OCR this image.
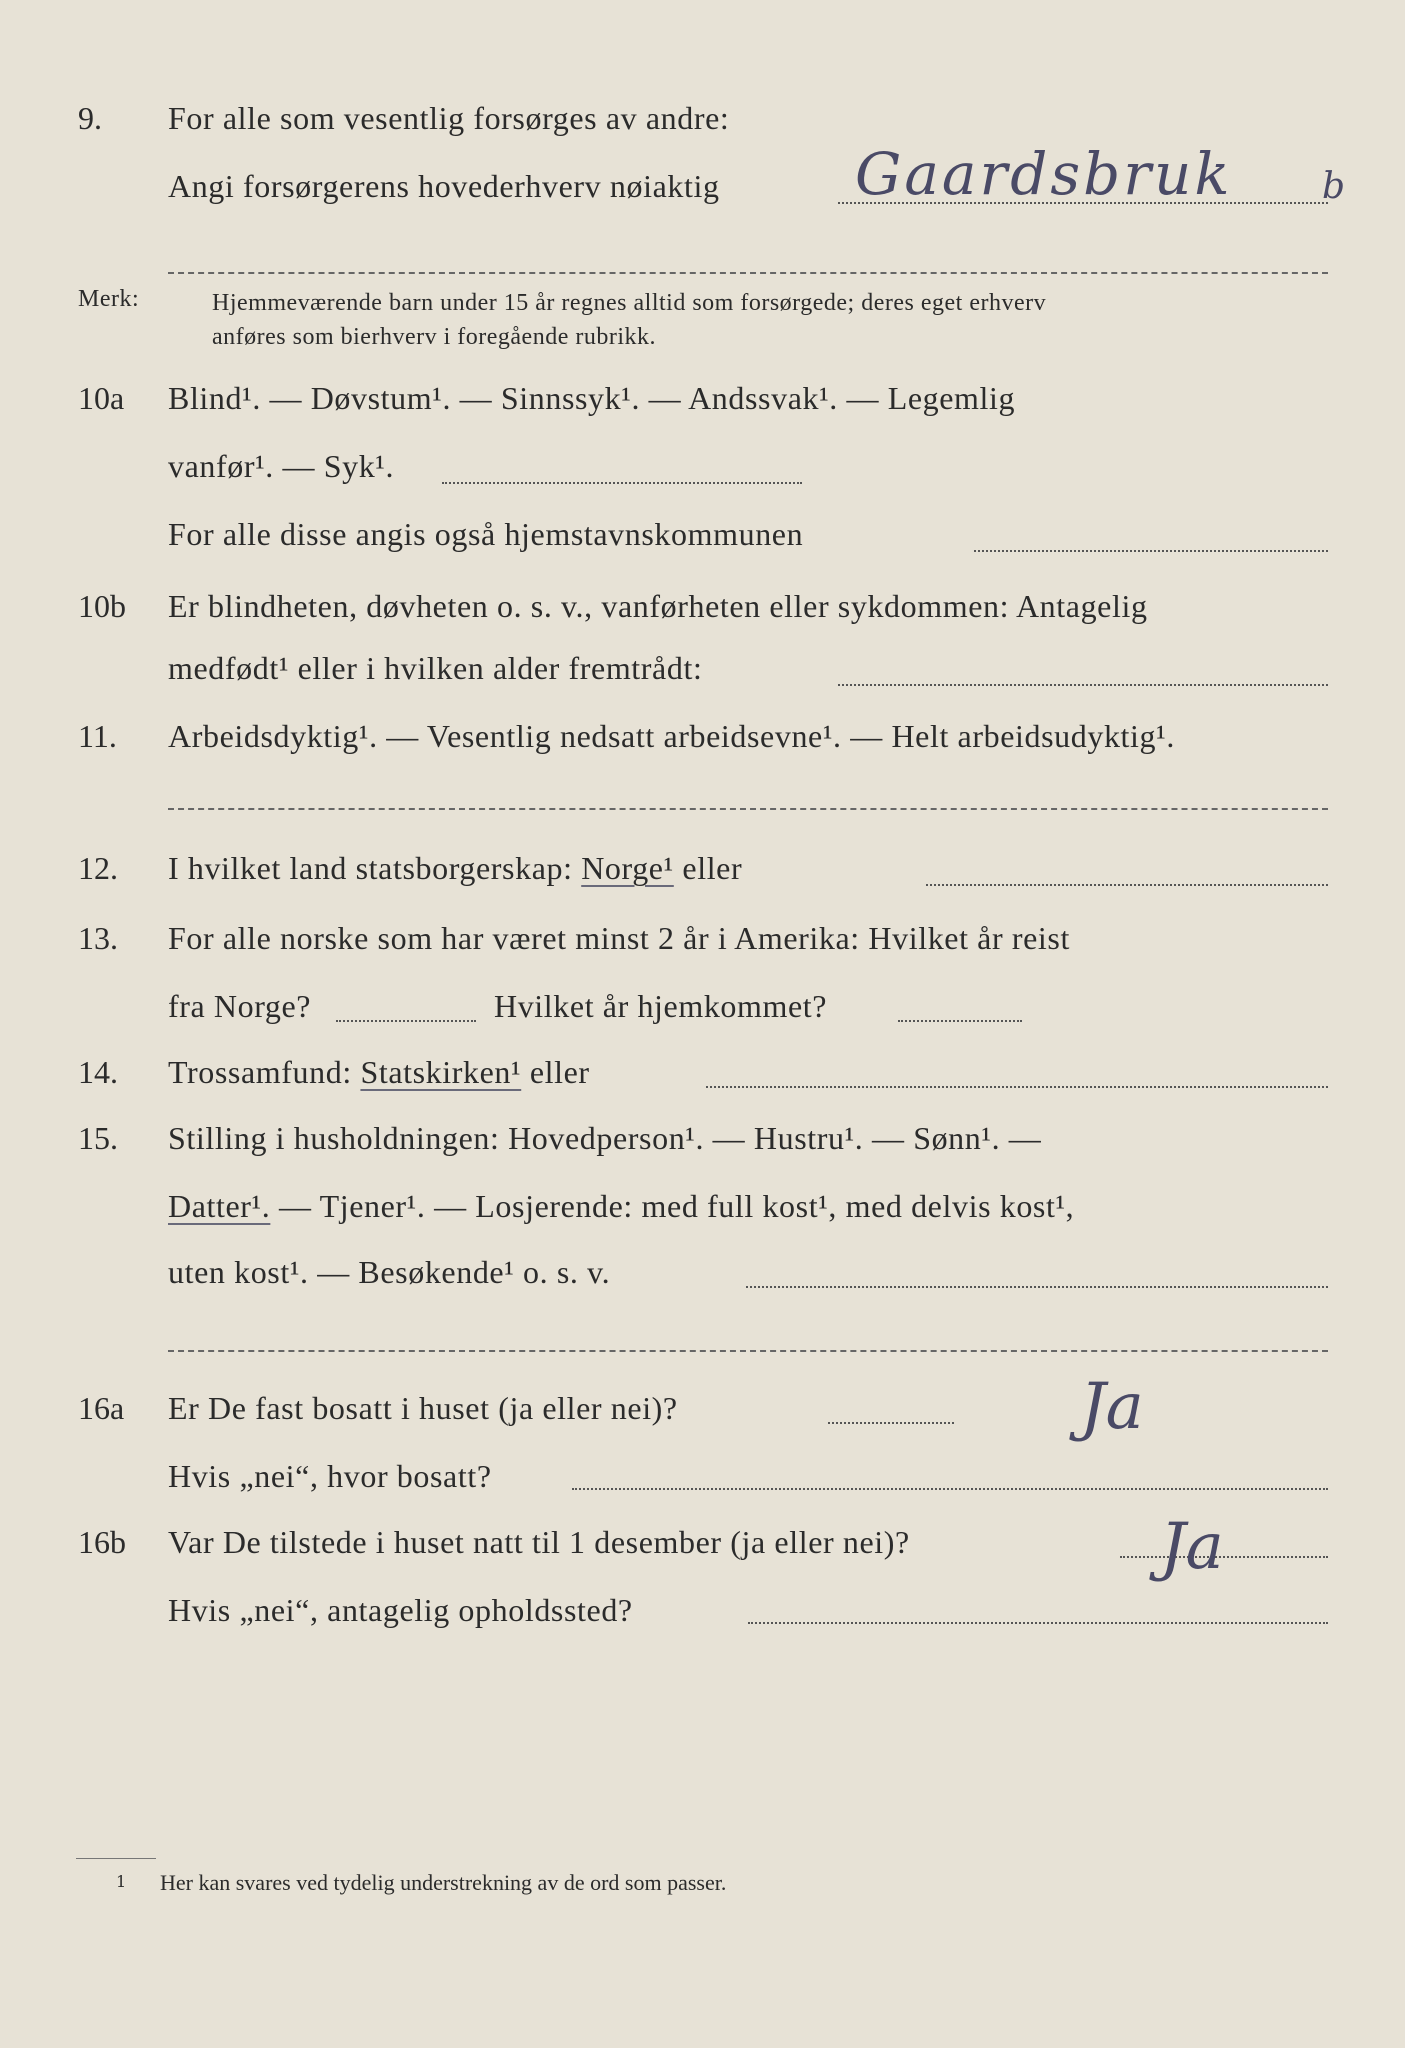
9. For alle som vesentlig forsørges av andre:
Angi forsørgerens hovederhverv nøiaktig Gaardsbruk b
Merk:	Hjemmeværende barn under 15 år regnes alltid som forsørgede; deres eget erhverv
anføres som bierhverv i foregående rubrikk.
10a Blind¹. — Døvstum¹. — Sinnssyk¹. — Andssvak¹. — Legemlig
vanfør¹. — Syk¹.
For alle disse angis også hjemstavnskommunen
10b Er blindheten, døvheten o. s. v., vanførheten eller sykdommen: Antagelig
medfødt¹ eller i hvilken alder fremtrådt:
11. Arbeidsdyktig¹. — Vesentlig nedsatt arbeidsevne¹. — Helt arbeidsudyktig¹.
12. I hvilket land statsborgerskap: Norge¹ eller
13. For alle norske som har været minst 2 år i Amerika: Hvilket år reist
fra Norge?	Hvilket år hjemkommet?
14. Trossamfund: Statskirken¹ eller
15. Stilling i husholdningen: Hovedperson¹. — Hustru¹. — Sønn¹. —
Datter¹. — Tjener¹. — Losjerende: med full kost¹, med delvis kost¹,
uten kost¹. — Besøkende¹ o. s. v.
16a Er De fast bosatt i huset (ja eller nei)?	Ja
Hvis „nei“, hvor bosatt?
16b Var De tilstede i huset natt til 1 desember (ja eller nei)?	Ja
Hvis „nei“, antagelig opholdssted?
1 Her kan svares ved tydelig understrekning av de ord som passer.
